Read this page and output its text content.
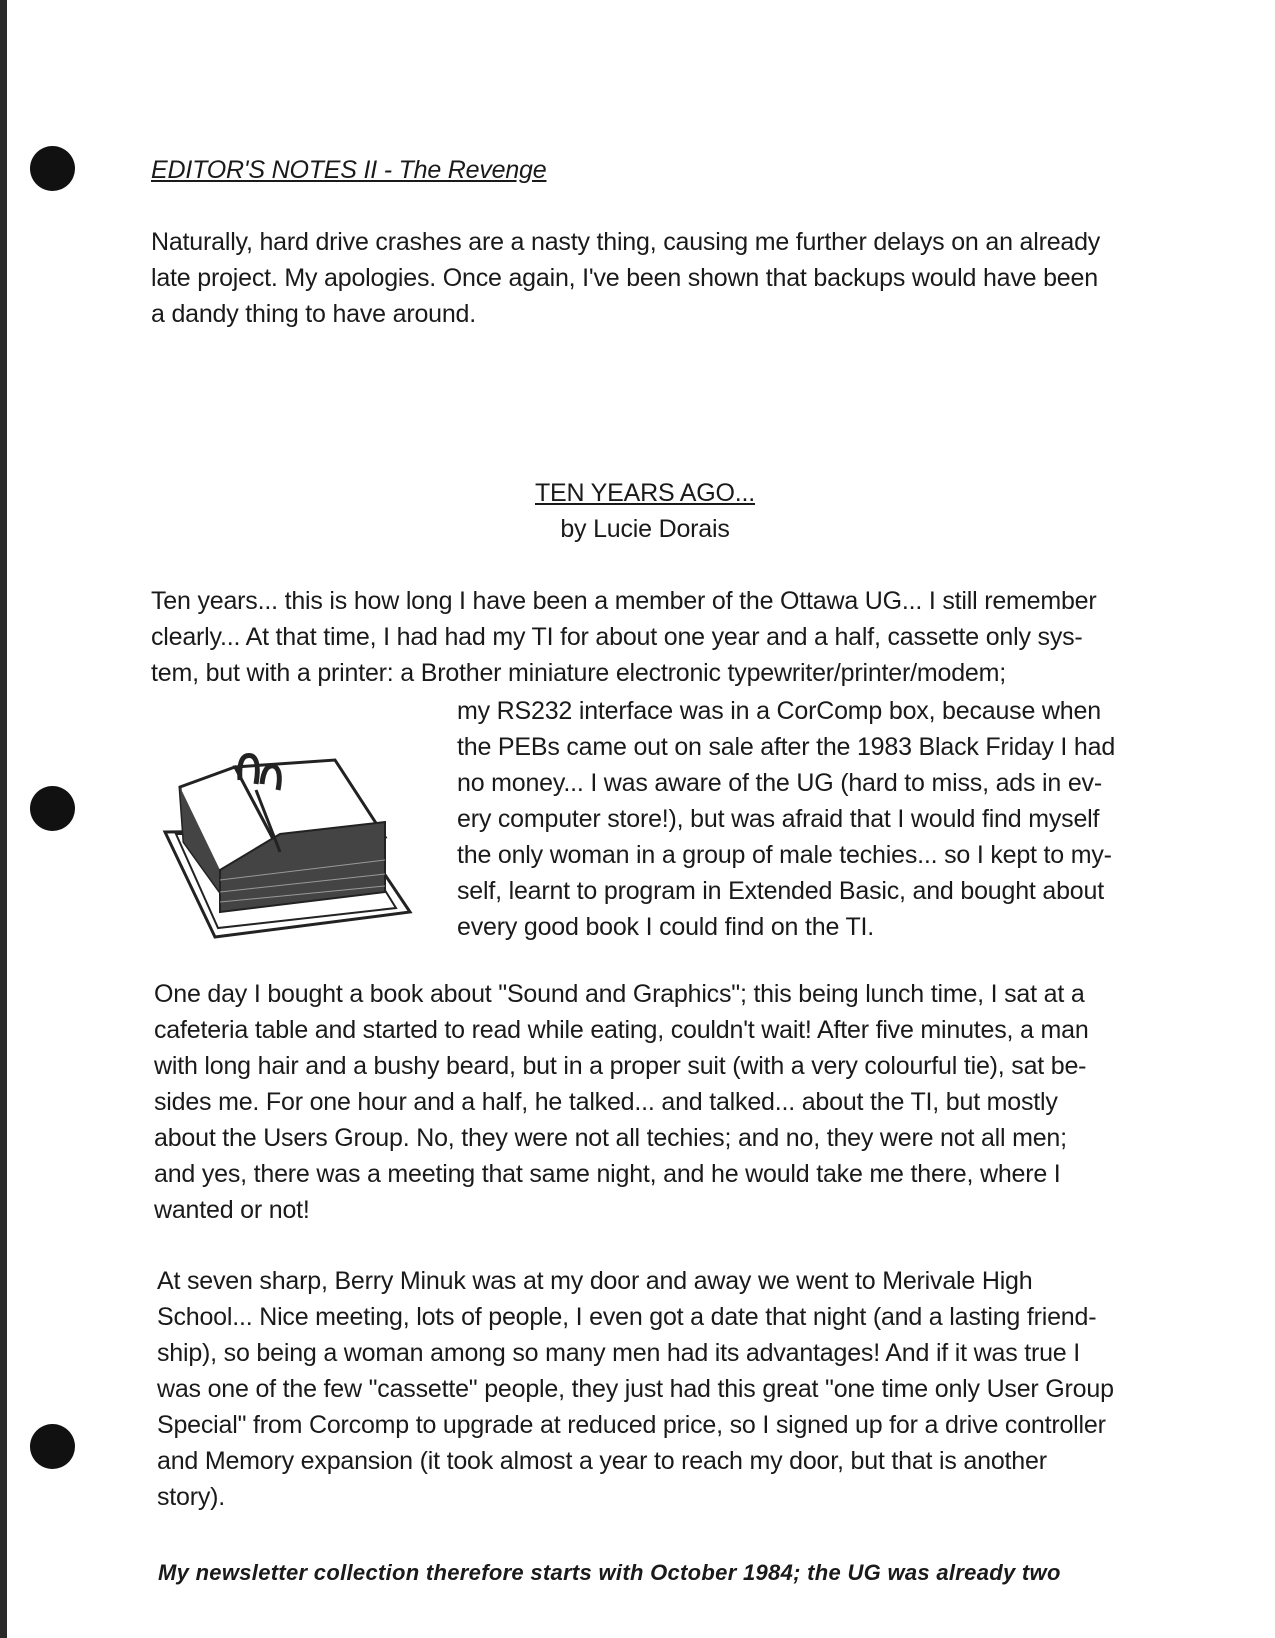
EDITOR'S NOTES II - The Revenge

Naturally, hard drive crashes are a nasty thing, causing me further delays on an already

late project. My apologies. Once again, I've been shown that backups would have been

a dandy thing to have around.

TEN YEARS AGO...

by Lucie Dorais

Ten years... this is how long I have been a member of the Ottawa UG... I still remember

clearly... At that time, I had had my TI for about one year and a half, cassette only sys-

tem, but with a printer: a Brother miniature electronic typewriter/printer/modem;

my RS232 interface was in a CorComp box, because when

the PEBs came out on sale after the 1983 Black Friday I had

no money... I was aware of the UG (hard to miss, ads in ev-

ery computer store!), but was afraid that I would find myself

the only woman in a group of male techies... so I kept to my-

self, learnt to program in Extended Basic, and bought about

every good book I could find on the TI.

One day I bought a book about "Sound and Graphics"; this being lunch time, I sat at a

cafeteria table and started to read while eating, couldn't wait! After five minutes, a man

with long hair and a bushy beard, but in a proper suit (with a very colourful tie), sat be-

sides me. For one hour and a half, he talked... and talked... about the TI, but mostly

about the Users Group. No, they were not all techies; and no, they were not all men;

and yes, there was a meeting that same night, and he would take me there, where I

wanted or not!

At seven sharp, Berry Minuk was at my door and away we went to Merivale High

School... Nice meeting, lots of people, I even got a date that night (and a lasting friend-

ship), so being a woman among so many men had its advantages! And if it was true I

was one of the few "cassette" people, they just had this great "one time only User Group

Special" from Corcomp to upgrade at reduced price, so I signed up for a drive controller

and Memory expansion (it took almost a year to reach my door, but that is another

story).

My newsletter collection therefore starts with October 1984; the UG was already two
